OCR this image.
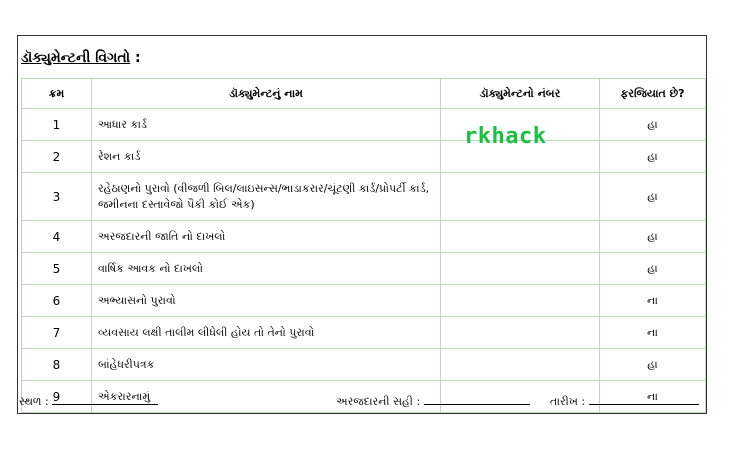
ડૉક્યુમેન્ટની વિગતો :
ક્રમ	ડૉક્યુમેન્ટનું નામ	ડૉક્યુમેન્ટનો નંબર	ફરજિયાત છે?
1	આધાર કાર્ડ		હા
2	રેશન કાર્ડ		હા
3	રહેઠાણનો પુરાવો (વીજળી બિલ/લાઇસન્સ/ભાડાકરાર/ચૂંટણી કાર્ડ/પ્રોપર્ટી કાર્ડ, જમીનના દસ્તાવેજો પૈકી કોઈ એક)		હા
4	અરજદારની જાતિ નો દાખલો		હા
5	વાર્ષિક આવક નો દાખલો		હા
6	અભ્યાસનો પુરાવો		ના
7	વ્યવસાય લક્ષી તાલીમ લીધેલી હોય તો તેનો પુરાવો		ના
8	બાંહેધરીપત્રક		હા
9	એકરારનામું		ના
rkhack
સ્થળ :	અરજદારની સહી :	તારીખ :
